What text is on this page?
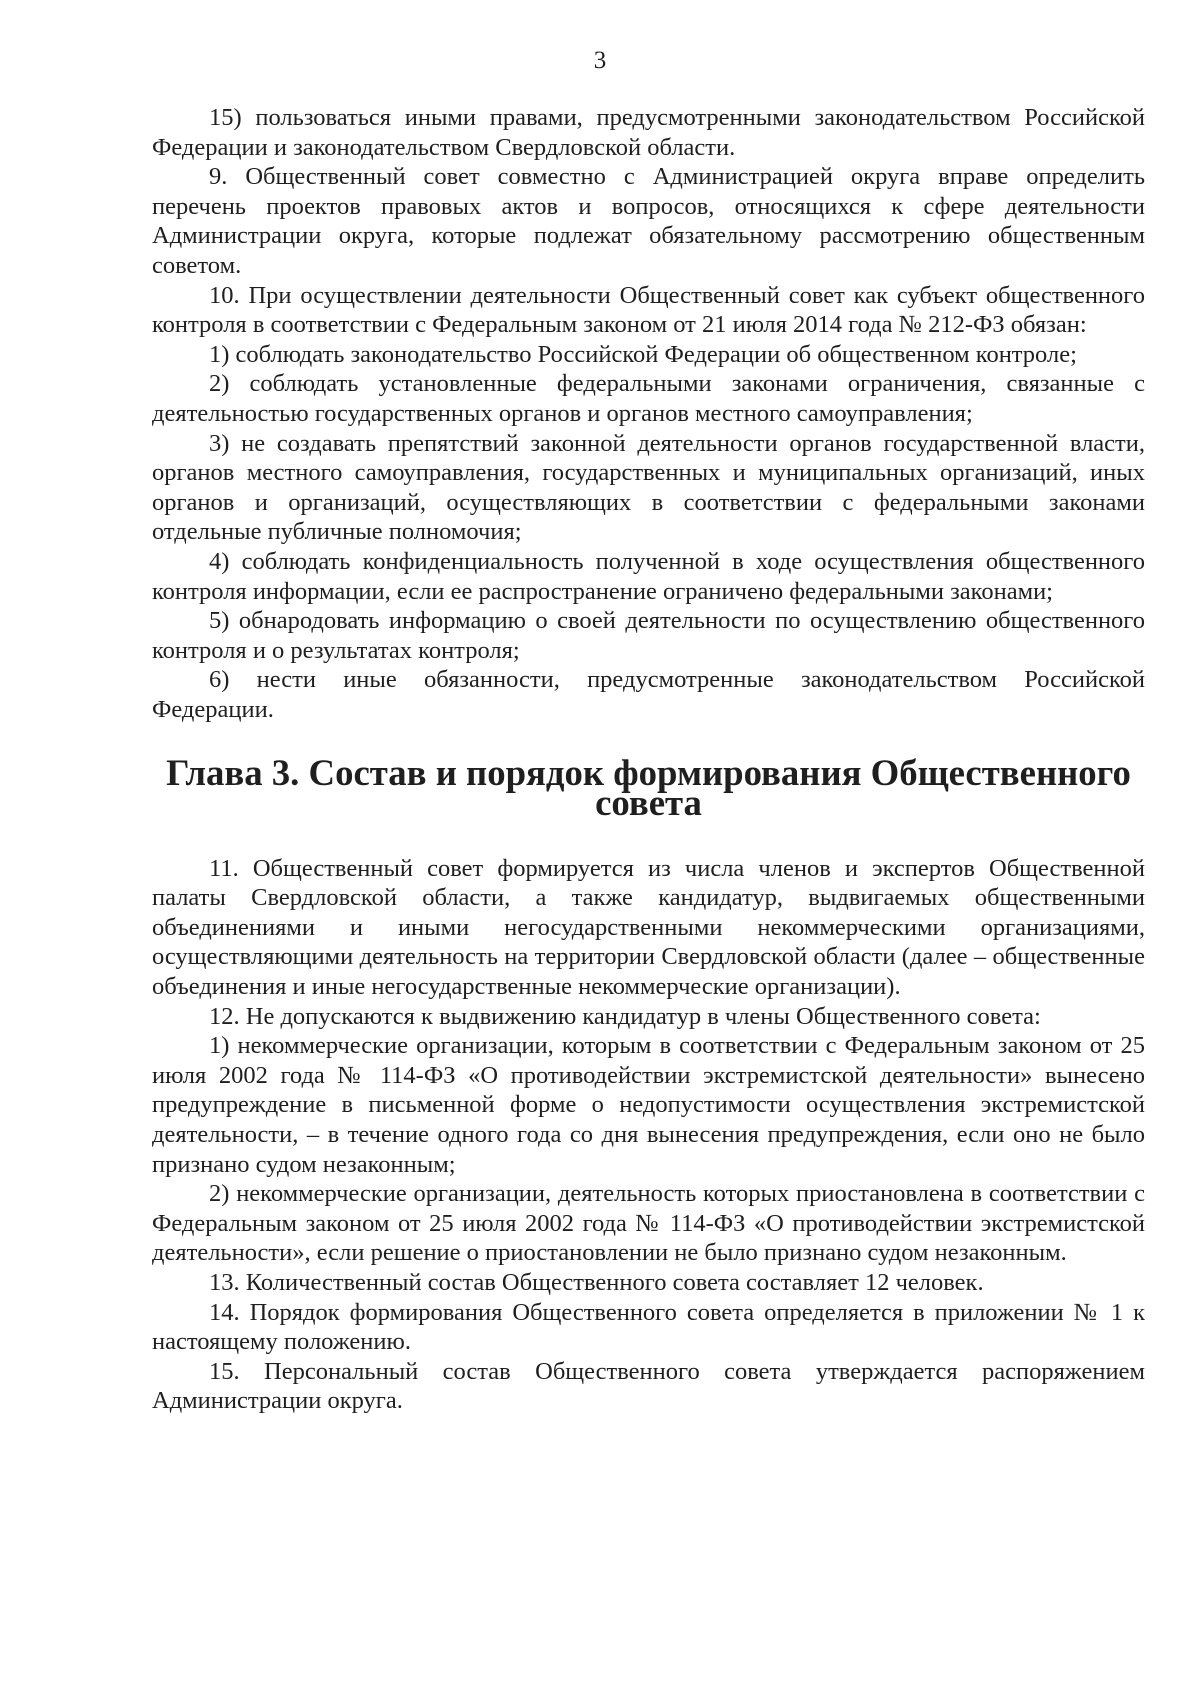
3

15) пользоваться иными правами, предусмотренными законодательством Российской Федерации и законодательством Свердловской области.

9. Общественный совет совместно с Администрацией округа вправе определить перечень проектов правовых актов и вопросов, относящихся к сфере деятельности Администрации округа, которые подлежат обязательному рассмотрению общественным советом.

10. При осуществлении деятельности Общественный совет как субъект общественного контроля в соответствии с Федеральным законом от 21 июля 2014 года № 212-ФЗ обязан:

1) соблюдать законодательство Российской Федерации об общественном контроле;

2) соблюдать установленные федеральными законами ограничения, связанные с деятельностью государственных органов и органов местного самоуправления;

3) не создавать препятствий законной деятельности органов государственной власти, органов местного самоуправления, государственных и муниципальных организаций, иных органов и организаций, осуществляющих в соответствии с федеральными законами отдельные публичные полномочия;

4) соблюдать конфиденциальность полученной в ходе осуществления общественного контроля информации, если ее распространение ограничено федеральными законами;

5) обнародовать информацию о своей деятельности по осуществлению общественного контроля и о результатах контроля;

6) нести иные обязанности, предусмотренные законодательством Российской Федерации.

Глава 3. Состав и порядок формирования Общественного совета

11. Общественный совет формируется из числа членов и экспертов Общественной палаты Свердловской области, а также кандидатур, выдвигаемых общественными объединениями и иными негосударственными некоммерческими организациями, осуществляющими деятельность на территории Свердловской области (далее – общественные объединения и иные негосударственные некоммерческие организации).

12. Не допускаются к выдвижению кандидатур в члены Общественного совета:

1) некоммерческие организации, которым в соответствии с Федеральным законом от 25 июля 2002 года № 114-ФЗ «О противодействии экстремистской деятельности» вынесено предупреждение в письменной форме о недопустимости осуществления экстремистской деятельности, – в течение одного года со дня вынесения предупреждения, если оно не было признано судом незаконным;

2) некоммерческие организации, деятельность которых приостановлена в соответствии с Федеральным законом от 25 июля 2002 года № 114-ФЗ «О противодействии экстремистской деятельности», если решение о приостановлении не было признано судом незаконным.

13. Количественный состав Общественного совета составляет 12 человек.

14. Порядок формирования Общественного совета определяется в приложении № 1 к настоящему положению.

15. Персональный состав Общественного совета утверждается распоряжением Администрации округа.
